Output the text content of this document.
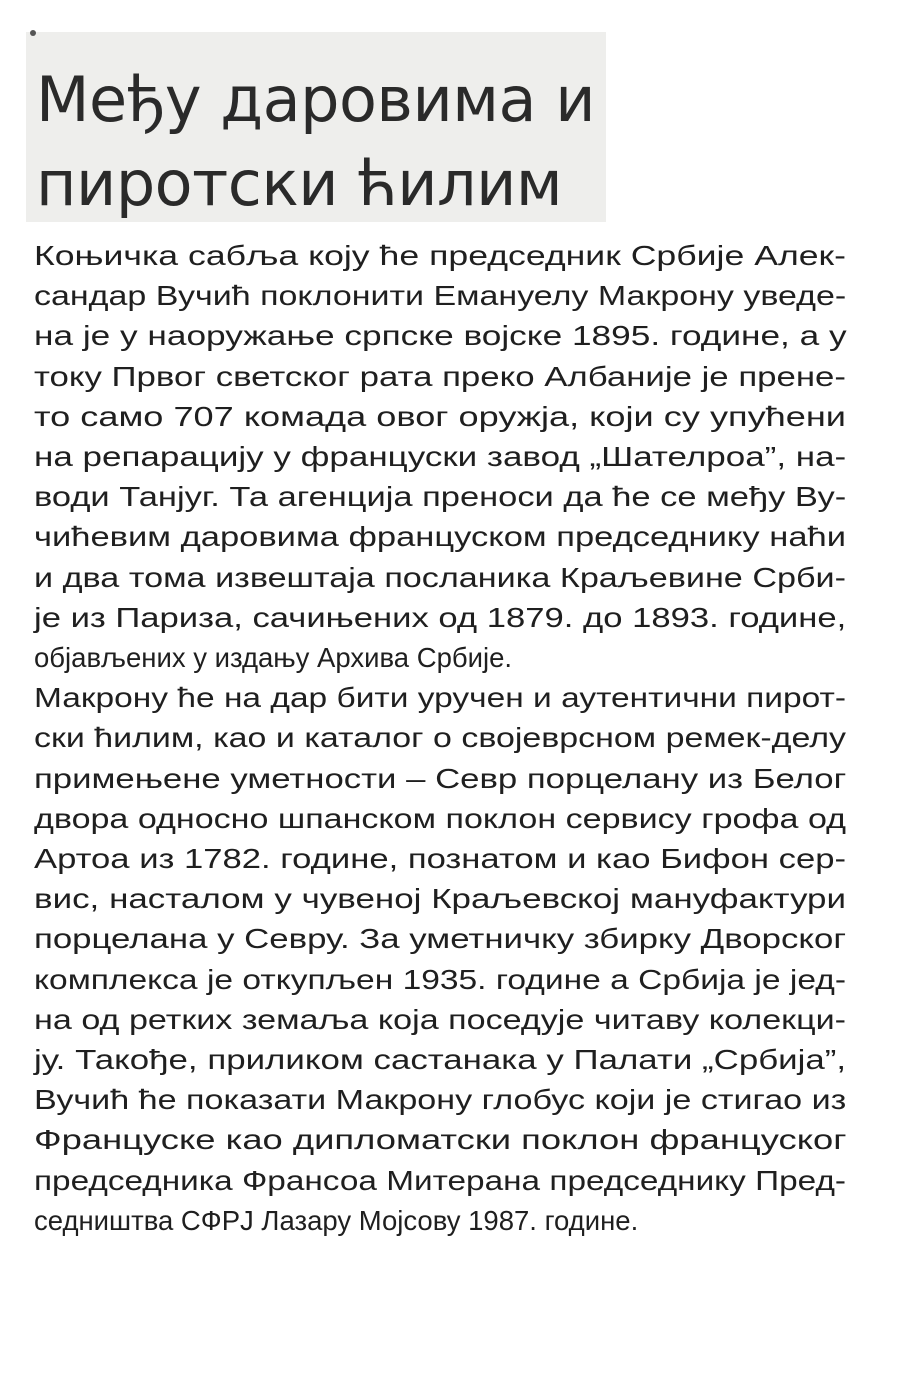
Међу даровима и
пиротски ћилим
Коњичка сабља коју ће председник Србије Алек-
сандар Вучић поклонити Емануелу Макрону уведе-
на је у наоружање српске војске 1895. године, а у
току Првог светског рата преко Албаније је прене-
то само 707 комада овог оружја, који су упућени
на репарацију у француски завод „Шателроа”, на-
води Танјуг. Та агенција преноси да ће се међу Ву-
чићевим даровима француском председнику наћи
и два тома извештаја посланика Краљевине Срби-
је из Париза, сачињених од 1879. до 1893. године,
објављених у издању Архива Србије.
Макрону ће на дар бити уручен и аутентични пирот-
ски ћилим, као и каталог о својеврсном ремек-делу
примењене уметности – Севр порцелану из Белог
двора односно шпанском поклон сервису грофа од
Артоа из 1782. године, познатом и као Бифон сер-
вис, насталом у чувеној Краљевској мануфактури
порцелана у Севру. За уметничку збирку Дворског
комплекса је откупљен 1935. године а Србија је јед-
на од ретких земаља која поседује читаву колекци-
ју. Такође, приликом састанака у Палати „Србија”,
Вучић ће показати Макрону глобус који је стигао из
Француске као дипломатски поклон француског
председника Франсоа Митерана председнику Пред-
седништва СФРЈ Лазару Мојсову 1987. године.
